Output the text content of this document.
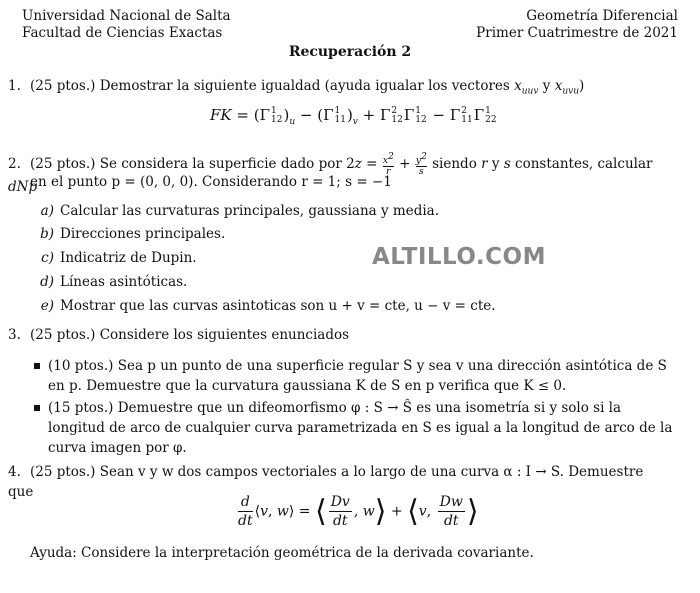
Universidad Nacional de Salta
Facultad de Ciencias Exactas
Geometría Diferencial
Primer Cuatrimestre de 2021
Recuperación 2
ALTILLO.COM
1. (25 ptos.) Demostrar la siguiente igualdad (ayuda igualar los vectores $x_{uuv}$ y $x_{uvu}$)
FK = (Γ1
$12)_u - (\Gamma 1$
$11)_v + \Gamma 2$
12Γ1
12 − Γ2
11Γ1
22
2. (25 ptos.) Se considera la superficie dado por $2z = \frac{x^2}{r} + \frac{y^2}{s}$ siendo r y s constantes, calcular dNp
en el punto p = (0, 0, 0). Considerando r = 1; s = −1
a) Calcular las curvaturas principales, gaussiana y media.
b) Direcciones principales.
c) Indicatriz de Dupin.
d) Líneas asintóticas.
e) Mostrar que las curvas asintoticas son u + v = cte, u − v = cte.
3. (25 ptos.) Considere los siguientes enunciados
(10 ptos.) Sea p un punto de una superficie regular S y sea v una dirección asintótica de S en p. Demuestre que la curvatura gaussiana K de S en p verifica que K ≤ 0.
(15 ptos.) Demuestre que un difeomorfismo φ : S → Ŝ es una isometría si y solo si la longitud de arco de cualquier curva parametrizada en S es igual a la longitud de arco de la curva imagen por φ.
4. (25 ptos.) Sean v y w dos campos vectoriales a lo largo de una curva α : I → S. Demuestre que
$\frac{d}{dt}$ ⟨v, w⟩ = ⟨ $\frac{Dv}{dt}$ , w⟩ + ⟨v, $\frac{Dw}{dt}$ ⟩
Ayuda: Considere la interpretación geométrica de la derivada covariante.
